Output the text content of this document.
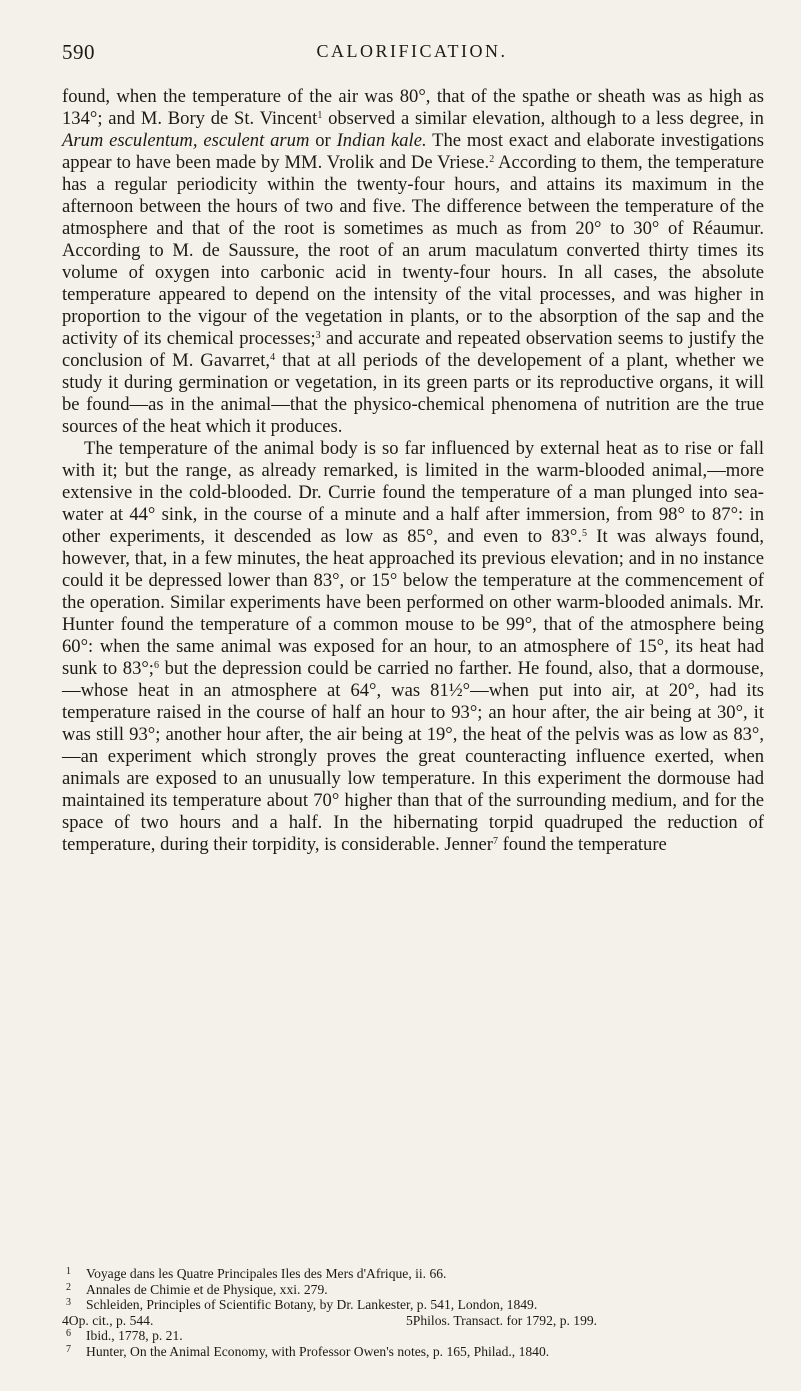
590	CALORIFICATION.

found, when the temperature of the air was 80°, that of the spathe or sheath was as high as 134°; and M. Bory de St. Vincent$^1$ observed a similar elevation, although to a less degree, in Arum esculentum, esculent arum or Indian kale. The most exact and elaborate investigations appear to have been made by MM. Vrolik and De Vriese.$^2$ According to them, the temperature has a regular periodicity within the twenty-four hours, and attains its maximum in the afternoon between the hours of two and five. The difference between the temperature of the atmosphere and that of the root is sometimes as much as from 20° to 30° of Réaumur. According to M. de Saussure, the root of an arum maculatum converted thirty times its volume of oxygen into carbonic acid in twenty-four hours. In all cases, the absolute temperature appeared to depend on the intensity of the vital processes, and was higher in proportion to the vigour of the vegetation in plants, or to the absorption of the sap and the activity of its chemical processes;$^3$ and accurate and repeated observation seems to justify the conclusion of M. Gavarret,$^4$ that at all periods of the developement of a plant, whether we study it during germination or vegetation, in its green parts or its reproductive organs, it will be found—as in the animal—that the physico-chemical phenomena of nutrition are the true sources of the heat which it produces.

The temperature of the animal body is so far influenced by external heat as to rise or fall with it; but the range, as already remarked, is limited in the warm-blooded animal,—more extensive in the cold-blooded. Dr. Currie found the temperature of a man plunged into sea-water at 44° sink, in the course of a minute and a half after immersion, from 98° to 87°: in other experiments, it descended as low as 85°, and even to 83°.$^5$ It was always found, however, that, in a few minutes, the heat approached its previous elevation; and in no instance could it be depressed lower than 83°, or 15° below the temperature at the commencement of the operation. Similar experiments have been performed on other warm-blooded animals. Mr. Hunter found the temperature of a common mouse to be 99°, that of the atmosphere being 60°: when the same animal was exposed for an hour, to an atmosphere of 15°, its heat had sunk to 83°;$^6$ but the depression could be carried no farther. He found, also, that a dormouse,—whose heat in an atmosphere at 64°, was 81½°—when put into air, at 20°, had its temperature raised in the course of half an hour to 93°; an hour after, the air being at 30°, it was still 93°; another hour after, the air being at 19°, the heat of the pelvis was as low as 83°,—an experiment which strongly proves the great counteracting influence exerted, when animals are exposed to an unusually low temperature. In this experiment the dormouse had maintained its temperature about 70° higher than that of the surrounding medium, and for the space of two hours and a half. In the hibernating torpid quadruped the reduction of temperature, during their torpidity, is considerable. Jenner$^7$ found the temperature

1	Voyage dans les Quatre Principales Iles des Mers d'Afrique, ii. 66.
2	Annales de Chimie et de Physique, xxi. 279.
3	Schleiden, Principles of Scientific Botany, by Dr. Lankester, p. 541, London, 1849.
4 Op. cit., p. 544.	5 Philos. Transact. for 1792, p. 199.
6	Ibid., 1778, p. 21.
7	Hunter, On the Animal Economy, with Professor Owen's notes, p. 165, Philad., 1840.
